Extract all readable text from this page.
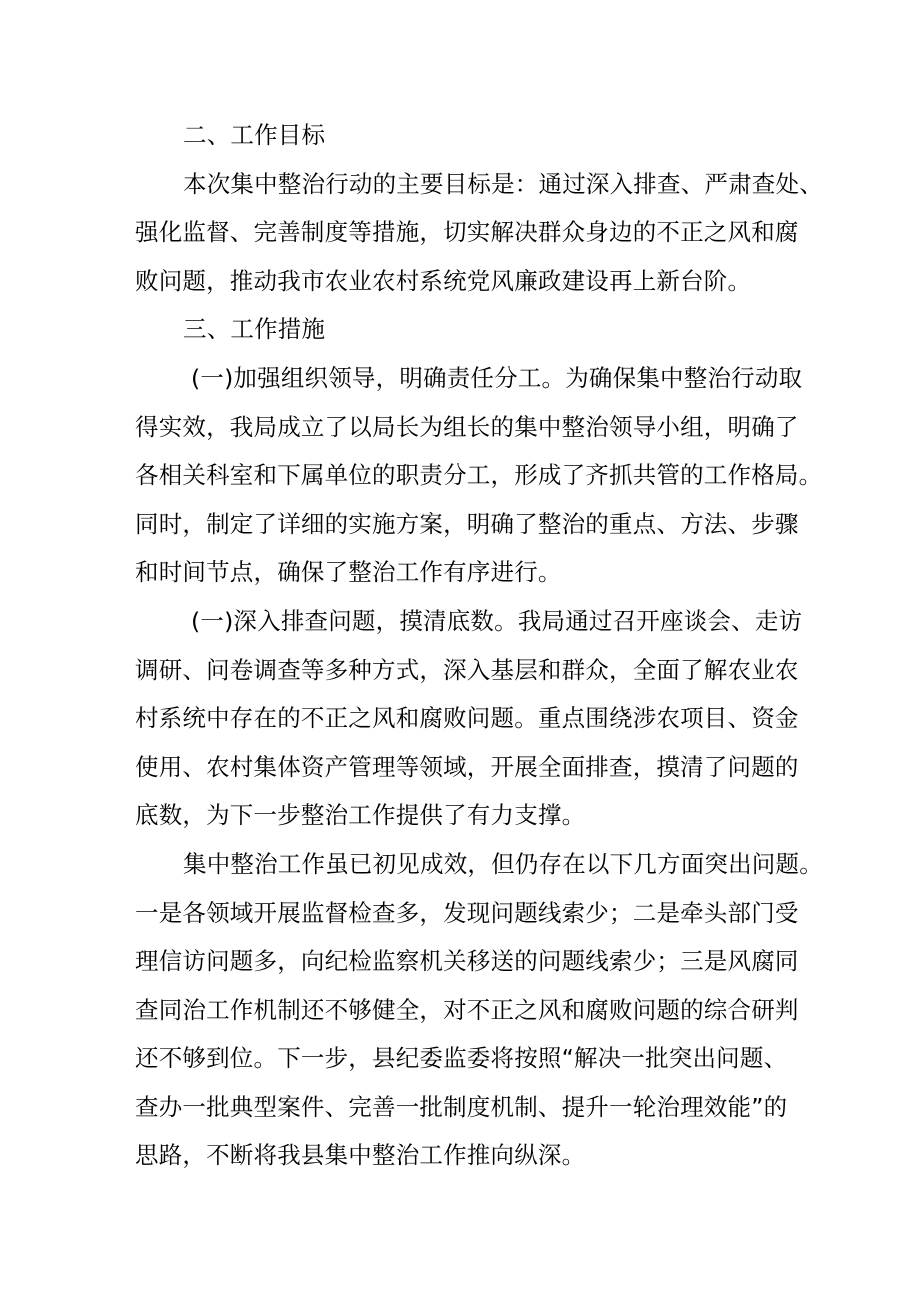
二、工作目标
本次集中整治行动的主要目标是：通过深入排查、严肃查处、
强化监督、完善制度等措施，切实解决群众身边的不正之风和腐
败问题，推动我市农业农村系统党风廉政建设再上新台阶。
三、工作措施
(一)加强组织领导，明确责任分工。为确保集中整治行动取
得实效，我局成立了以局长为组长的集中整治领导小组，明确了
各相关科室和下属单位的职责分工，形成了齐抓共管的工作格局。
同时，制定了详细的实施方案，明确了整治的重点、方法、步骤
和时间节点，确保了整治工作有序进行。
(一)深入排查问题，摸清底数。我局通过召开座谈会、走访
调研、问卷调查等多种方式，深入基层和群众，全面了解农业农
村系统中存在的不正之风和腐败问题。重点围绕涉农项目、资金
使用、农村集体资产管理等领域，开展全面排查，摸清了问题的
底数，为下一步整治工作提供了有力支撑。
集中整治工作虽已初见成效，但仍存在以下几方面突出问题。
一是各领域开展监督检查多，发现问题线索少；二是牵头部门受
理信访问题多，向纪检监察机关移送的问题线索少；三是风腐同
查同治工作机制还不够健全，对不正之风和腐败问题的综合研判
还不够到位。下一步，县纪委监委将按照“解决一批突出问题、
查办一批典型案件、完善一批制度机制、提升一轮治理效能”的
思路，不断将我县集中整治工作推向纵深。
